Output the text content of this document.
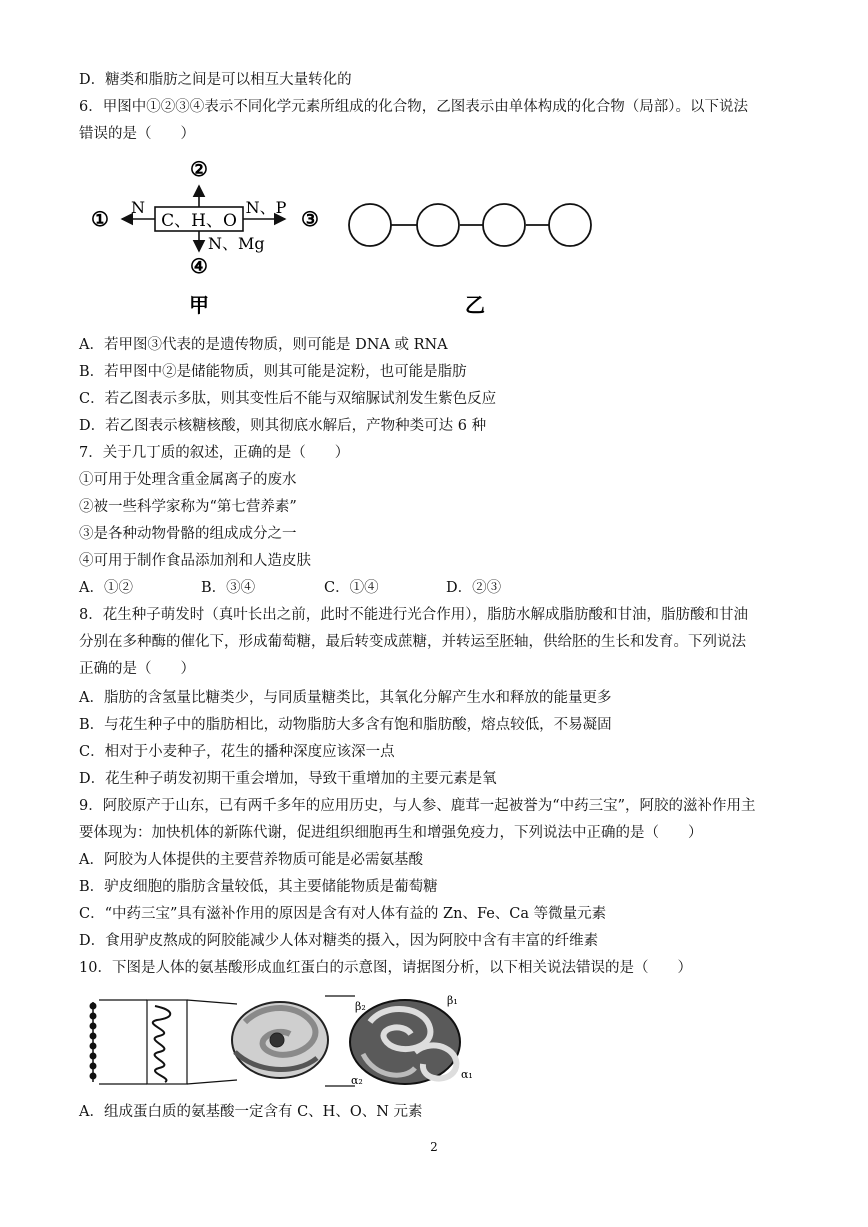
D．糖类和脂肪之间是可以相互大量转化的
6．甲图中①②③④表示不同化学元素所组成的化合物，乙图表示由单体构成的化合物（局部）。以下说法
错误的是（　　）
C、H、O
②
N
①	N、P ③
N、Mg
④
甲	乙
A．若甲图③代表的是遗传物质，则可能是 DNA 或 RNA
B．若甲图中②是储能物质，则其可能是淀粉，也可能是脂肪
C．若乙图表示多肽，则其变性后不能与双缩脲试剂发生紫色反应
D．若乙图表示核糖核酸，则其彻底水解后，产物种类可达 6 种
7．关于几丁质的叙述，正确的是（　　）
①可用于处理含重金属离子的废水
②被一些科学家称为“第七营养素”
③是各种动物骨骼的组成成分之一
④可用于制作食品添加剂和人造皮肤
A．①②	B．③④	C．①④	D．②③
8．花生种子萌发时（真叶长出之前，此时不能进行光合作用），脂肪水解成脂肪酸和甘油，脂肪酸和甘油
分别在多种酶的催化下，形成葡萄糖，最后转变成蔗糖，并转运至胚轴，供给胚的生长和发育。下列说法
正确的是（　　）
A．脂肪的含氢量比糖类少，与同质量糖类比，其氧化分解产生水和释放的能量更多
B．与花生种子中的脂肪相比，动物脂肪大多含有饱和脂肪酸，熔点较低，不易凝固
C．相对于小麦种子，花生的播种深度应该深一点
D．花生种子萌发初期干重会增加，导致干重增加的主要元素是氧
9．阿胶原产于山东，已有两千多年的应用历史，与人参、鹿茸一起被誉为“中药三宝”，阿胶的滋补作用主
要体现为：加快机体的新陈代谢，促进组织细胞再生和增强免疫力，下列说法中正确的是（　　）
A．阿胶为人体提供的主要营养物质可能是必需氨基酸
B．驴皮细胞的脂肪含量较低，其主要储能物质是葡萄糖
C．“中药三宝”具有滋补作用的原因是含有对人体有益的 Zn、Fe、Ca 等微量元素
D．食用驴皮熬成的阿胶能减少人体对糖类的摄入，因为阿胶中含有丰富的纤维素
10．下图是人体的氨基酸形成血红蛋白的示意图，请据图分析，以下相关说法错误的是（　　）
β₂	β₁
α₂	α₁
A．组成蛋白质的氨基酸一定含有 C、H、O、N 元素
2
